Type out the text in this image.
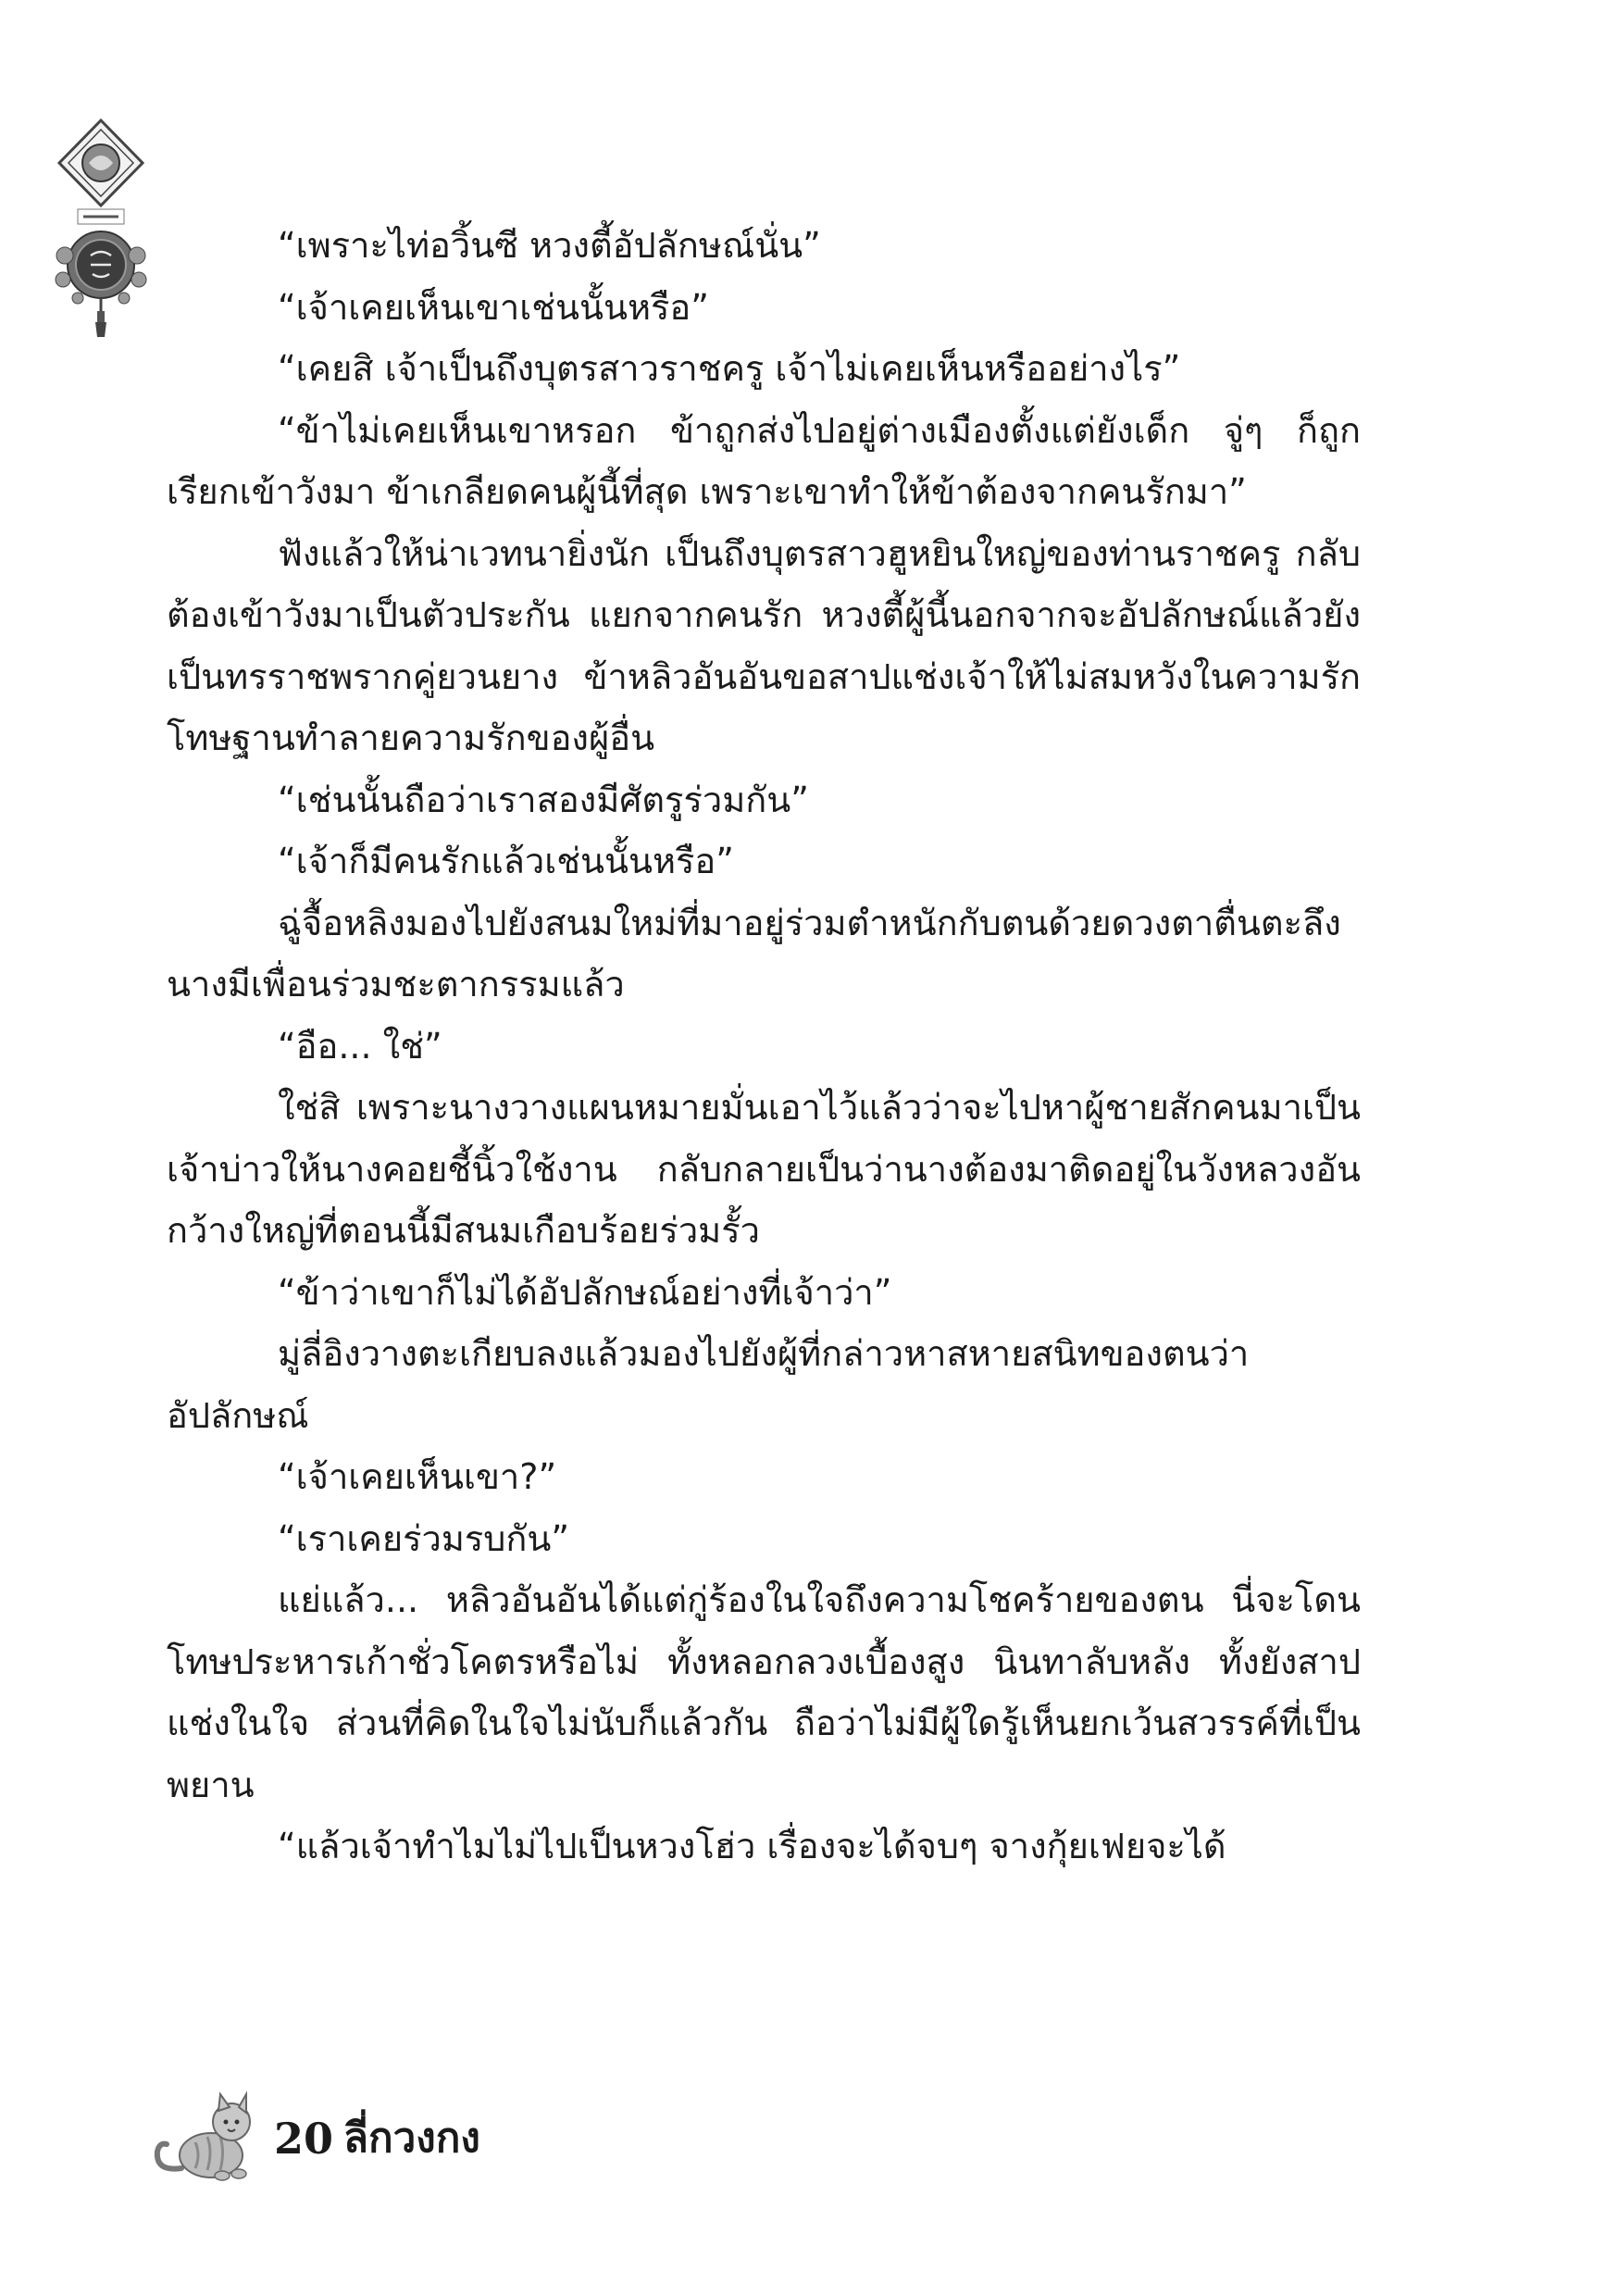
“เพราะไท่อวิ้นซี หวงตี้อัปลักษณ์นั่น”

“เจ้าเคยเห็นเขาเช่นนั้นหรือ”

“เคยสิ เจ้าเป็นถึงบุตรสาวราชครู เจ้าไม่เคยเห็นหรืออย่างไร”

“ข้าไม่เคยเห็นเขาหรอก ข้าถูกส่งไปอยู่ต่างเมืองตั้งแต่ยังเด็ก จู่ๆ ก็ถูกเรียกเข้าวังมา ข้าเกลียดคนผู้นี้ที่สุด เพราะเขาทำให้ข้าต้องจากคนรักมา”

ฟังแล้วให้น่าเวทนายิ่งนัก เป็นถึงบุตรสาวฮูหยินใหญ่ของท่านราชครู กลับต้องเข้าวังมาเป็นตัวประกัน แยกจากคนรัก หวงตี้ผู้นี้นอกจากจะอัปลักษณ์แล้วยังเป็นทรราชพรากคู่ยวนยาง ข้าหลิวอันอันขอสาปแช่งเจ้าให้ไม่สมหวังในความรัก โทษฐานทำลายความรักของผู้อื่น

“เช่นนั้นถือว่าเราสองมีศัตรูร่วมกัน”

“เจ้าก็มีคนรักแล้วเช่นนั้นหรือ”

ฉู่จื้อหลิงมองไปยังสนมใหม่ที่มาอยู่ร่วมตำหนักกับตนด้วยดวงตาตื่นตะลึง นางมีเพื่อนร่วมชะตากรรมแล้ว

“อือ... ใช่”

ใช่สิ เพราะนางวางแผนหมายมั่นเอาไว้แล้วว่าจะไปหาผู้ชายสักคนมาเป็นเจ้าบ่าวให้นางคอยชี้นิ้วใช้งาน กลับกลายเป็นว่านางต้องมาติดอยู่ในวังหลวงอันกว้างใหญ่ที่ตอนนี้มีสนมเกือบร้อยร่วมรั้ว

“ข้าว่าเขาก็ไม่ได้อัปลักษณ์อย่างที่เจ้าว่า”

มู่ลี่อิงวางตะเกียบลงแล้วมองไปยังผู้ที่กล่าวหาสหายสนิทของตนว่าอัปลักษณ์

“เจ้าเคยเห็นเขา?”

“เราเคยร่วมรบกัน”

แย่แล้ว... หลิวอันอันได้แต่กู่ร้องในใจถึงความโชคร้ายของตน นี่จะโดนโทษประหารเก้าชั่วโคตรหรือไม่ ทั้งหลอกลวงเบื้องสูง นินทาลับหลัง ทั้งยังสาปแช่งในใจ ส่วนที่คิดในใจไม่นับก็แล้วกัน ถือว่าไม่มีผู้ใดรู้เห็นยกเว้นสวรรค์ที่เป็นพยาน

“แล้วเจ้าทำไมไม่ไปเป็นหวงโฮ่ว เรื่องจะได้จบๆ จางกุ้ยเฟยจะได้

20 ลี่กวงกง
